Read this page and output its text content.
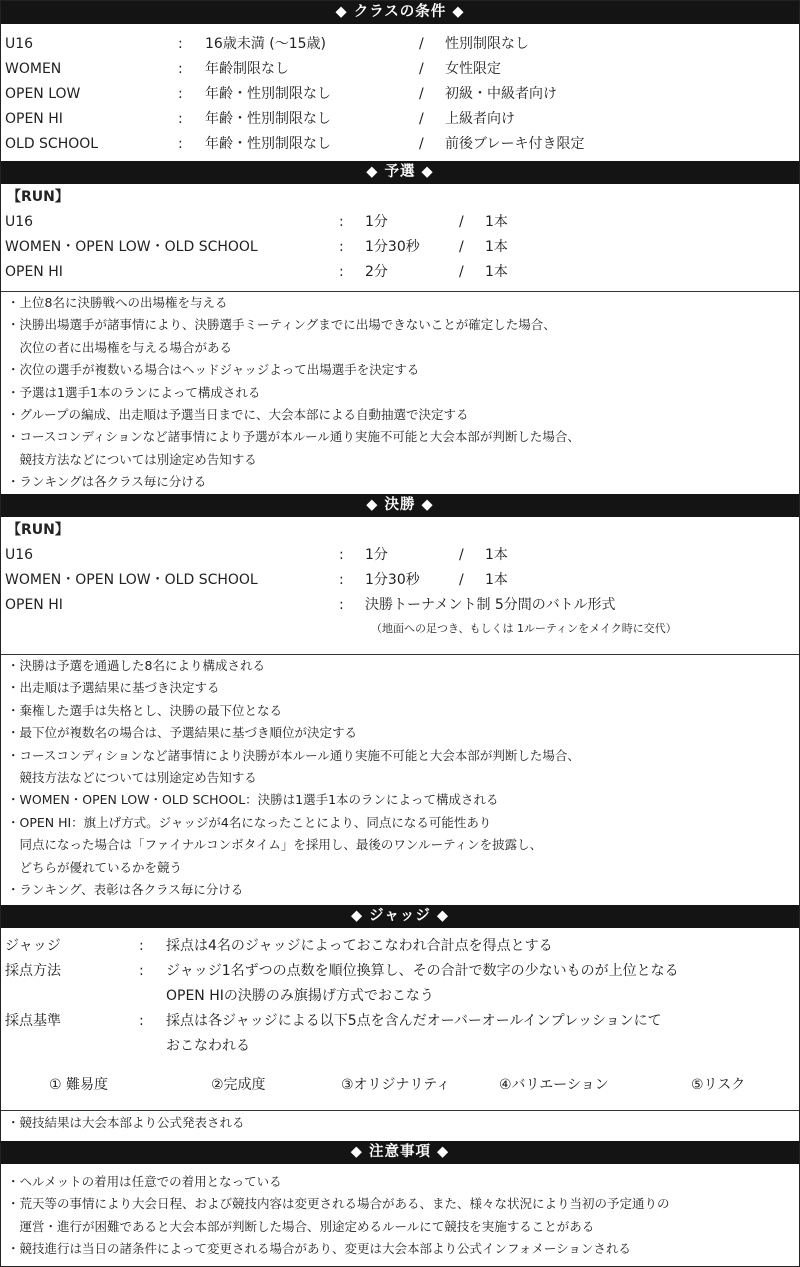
◆ クラスの条件 ◆
U16	: 16歳未満 (〜15歳)	/ 性別制限なし
WOMEN	: 年齢制限なし	/ 女性限定
OPEN LOW	: 年齢・性別制限なし	/ 初級・中級者向け
OPEN HI	: 年齢・性別制限なし	/ 上級者向け
OLD SCHOOL	: 年齢・性別制限なし	/ 前後ブレーキ付き限定
◆ 予選 ◆
【RUN】
U16	: 1分	/ 1本
WOMEN・OPEN LOW・OLD SCHOOL	: 1分30秒	/ 1本
OPEN HI	: 2分	/ 1本
・上位8名に決勝戦への出場権を与える
・決勝出場選手が諸事情により、決勝選手ミーティングまでに出場できないことが確定した場合、
　次位の者に出場権を与える場合がある
・次位の選手が複数いる場合はヘッドジャッジよって出場選手を決定する
・予選は1選手1本のランによって構成される
・グループの編成、出走順は予選当日までに、大会本部による自動抽選で決定する
・コースコンディションなど諸事情により予選が本ルール通り実施不可能と大会本部が判断した場合、
　競技方法などについては別途定め告知する
・ランキングは各クラス毎に分ける
◆ 決勝 ◆
【RUN】
U16	: 1分	/ 1本
WOMEN・OPEN LOW・OLD SCHOOL	: 1分30秒	/ 1本
OPEN HI	: 決勝トーナメント制 5分間のバトル形式
（地面への足つき、もしくは 1ルーティンをメイク時に交代）
・決勝は予選を通過した8名により構成される
・出走順は予選結果に基づき決定する
・棄権した選手は失格とし、決勝の最下位となる
・最下位が複数名の場合は、予選結果に基づき順位が決定する
・コースコンディションなど諸事情により決勝が本ルール通り実施不可能と大会本部が判断した場合、
　競技方法などについては別途定め告知する
・WOMEN・OPEN LOW・OLD SCHOOL：決勝は1選手1本のランによって構成される
・OPEN HI：旗上げ方式。ジャッジが4名になったことにより、同点になる可能性あり
　同点になった場合は「ファイナルコンボタイム」を採用し、最後のワンルーティンを披露し、
　どちらが優れているかを競う
・ランキング、表彰は各クラス毎に分ける
◆ ジャッジ ◆
ジャッジ	: 採点は4名のジャッジによっておこなわれ合計点を得点とする
採点方法	: ジャッジ1名ずつの点数を順位換算し、その合計で数字の少ないものが上位となる
OPEN HIの決勝のみ旗揚げ方式でおこなう
採点基準	: 採点は各ジャッジによる以下5点を含んだオーバーオールインプレッションにて
おこなわれる
① 難易度	②完成度	③オリジナリティ	④バリエーション	⑤リスク
・競技結果は大会本部より公式発表される
◆ 注意事項 ◆
・ヘルメットの着用は任意での着用となっている
・荒天等の事情により大会日程、および競技内容は変更される場合がある、また、様々な状況により当初の予定通りの
　運営・進行が困難であると大会本部が判断した場合、別途定めるルールにて競技を実施することがある
・競技進行は当日の諸条件によって変更される場合があり、変更は大会本部より公式インフォメーションされる
